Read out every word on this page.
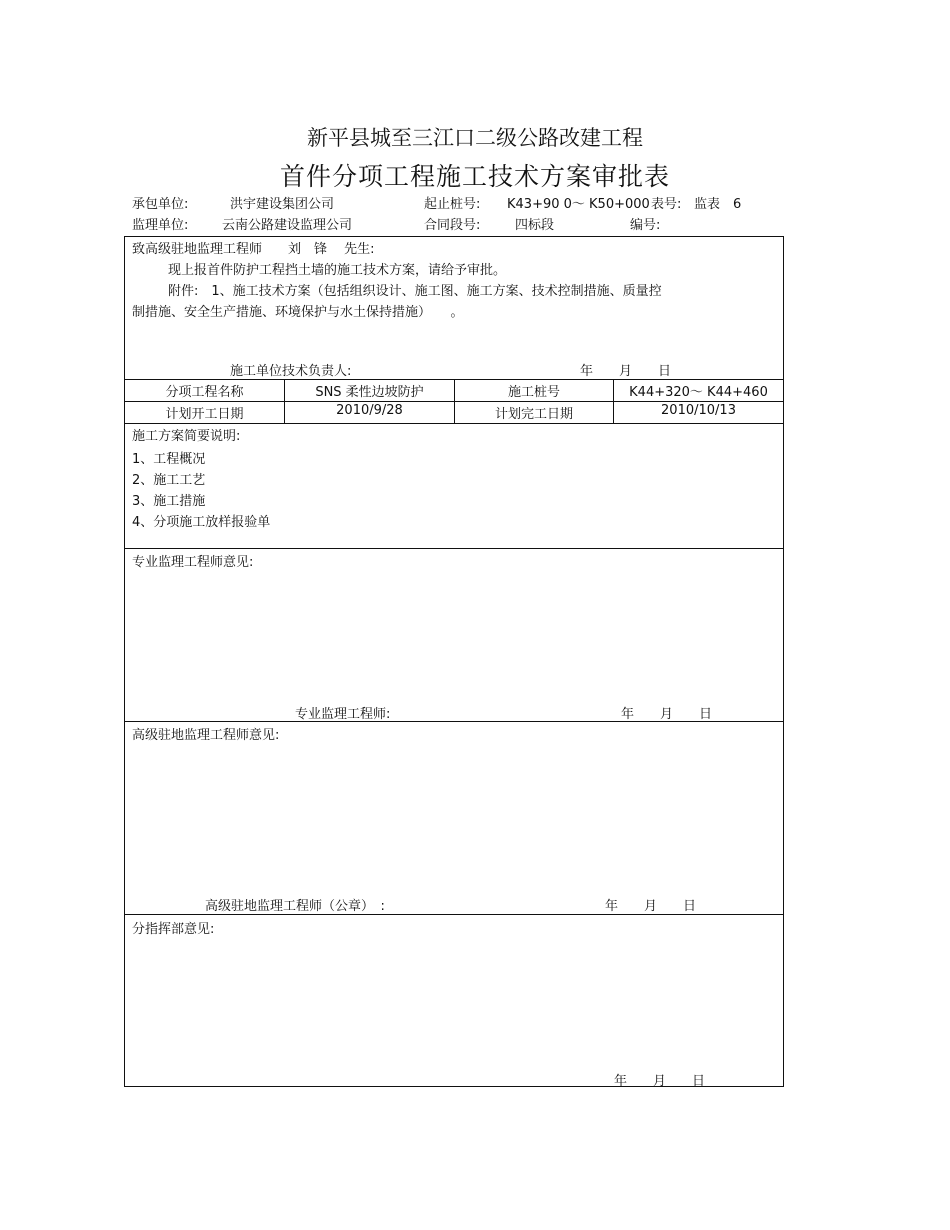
新平县城至三江口二级公路改建工程
首件分项工程施工技术方案审批表
承包单位:	洪宇建设集团公司	起止桩号: K43+90 0～ K50+000 表号: 监表　6
监理单位:	云南公路建设监理公司	合同段号:	四标段	编号:
致高级驻地监理工程师　　刘　锋　 先生:
现上报首件防护工程挡土墙的施工技术方案，请给予审批。
附件:　1、施工技术方案（包括组织设计、施工图、施工方案、技术控制措施、质量控
制措施、安全生产措施、环境保护与水土保持措施）　　。
施工单位技术负责人:	年　　月　　日
分项工程名称	SNS 柔性边坡防护	施工桩号	K44+320～ K44+460
计划开工日期	2010/9/28	计划完工日期	2010/10/13
施工方案简要说明:
1、工程概况
2、施工工艺
3、施工措施
4、分项施工放样报验单
专业监理工程师意见:
专业监理工程师:	年　　月　　日
高级驻地监理工程师意见:
高级驻地监理工程师（公章）　:	年　　月　　日
分指挥部意见:
年　　月　　日
